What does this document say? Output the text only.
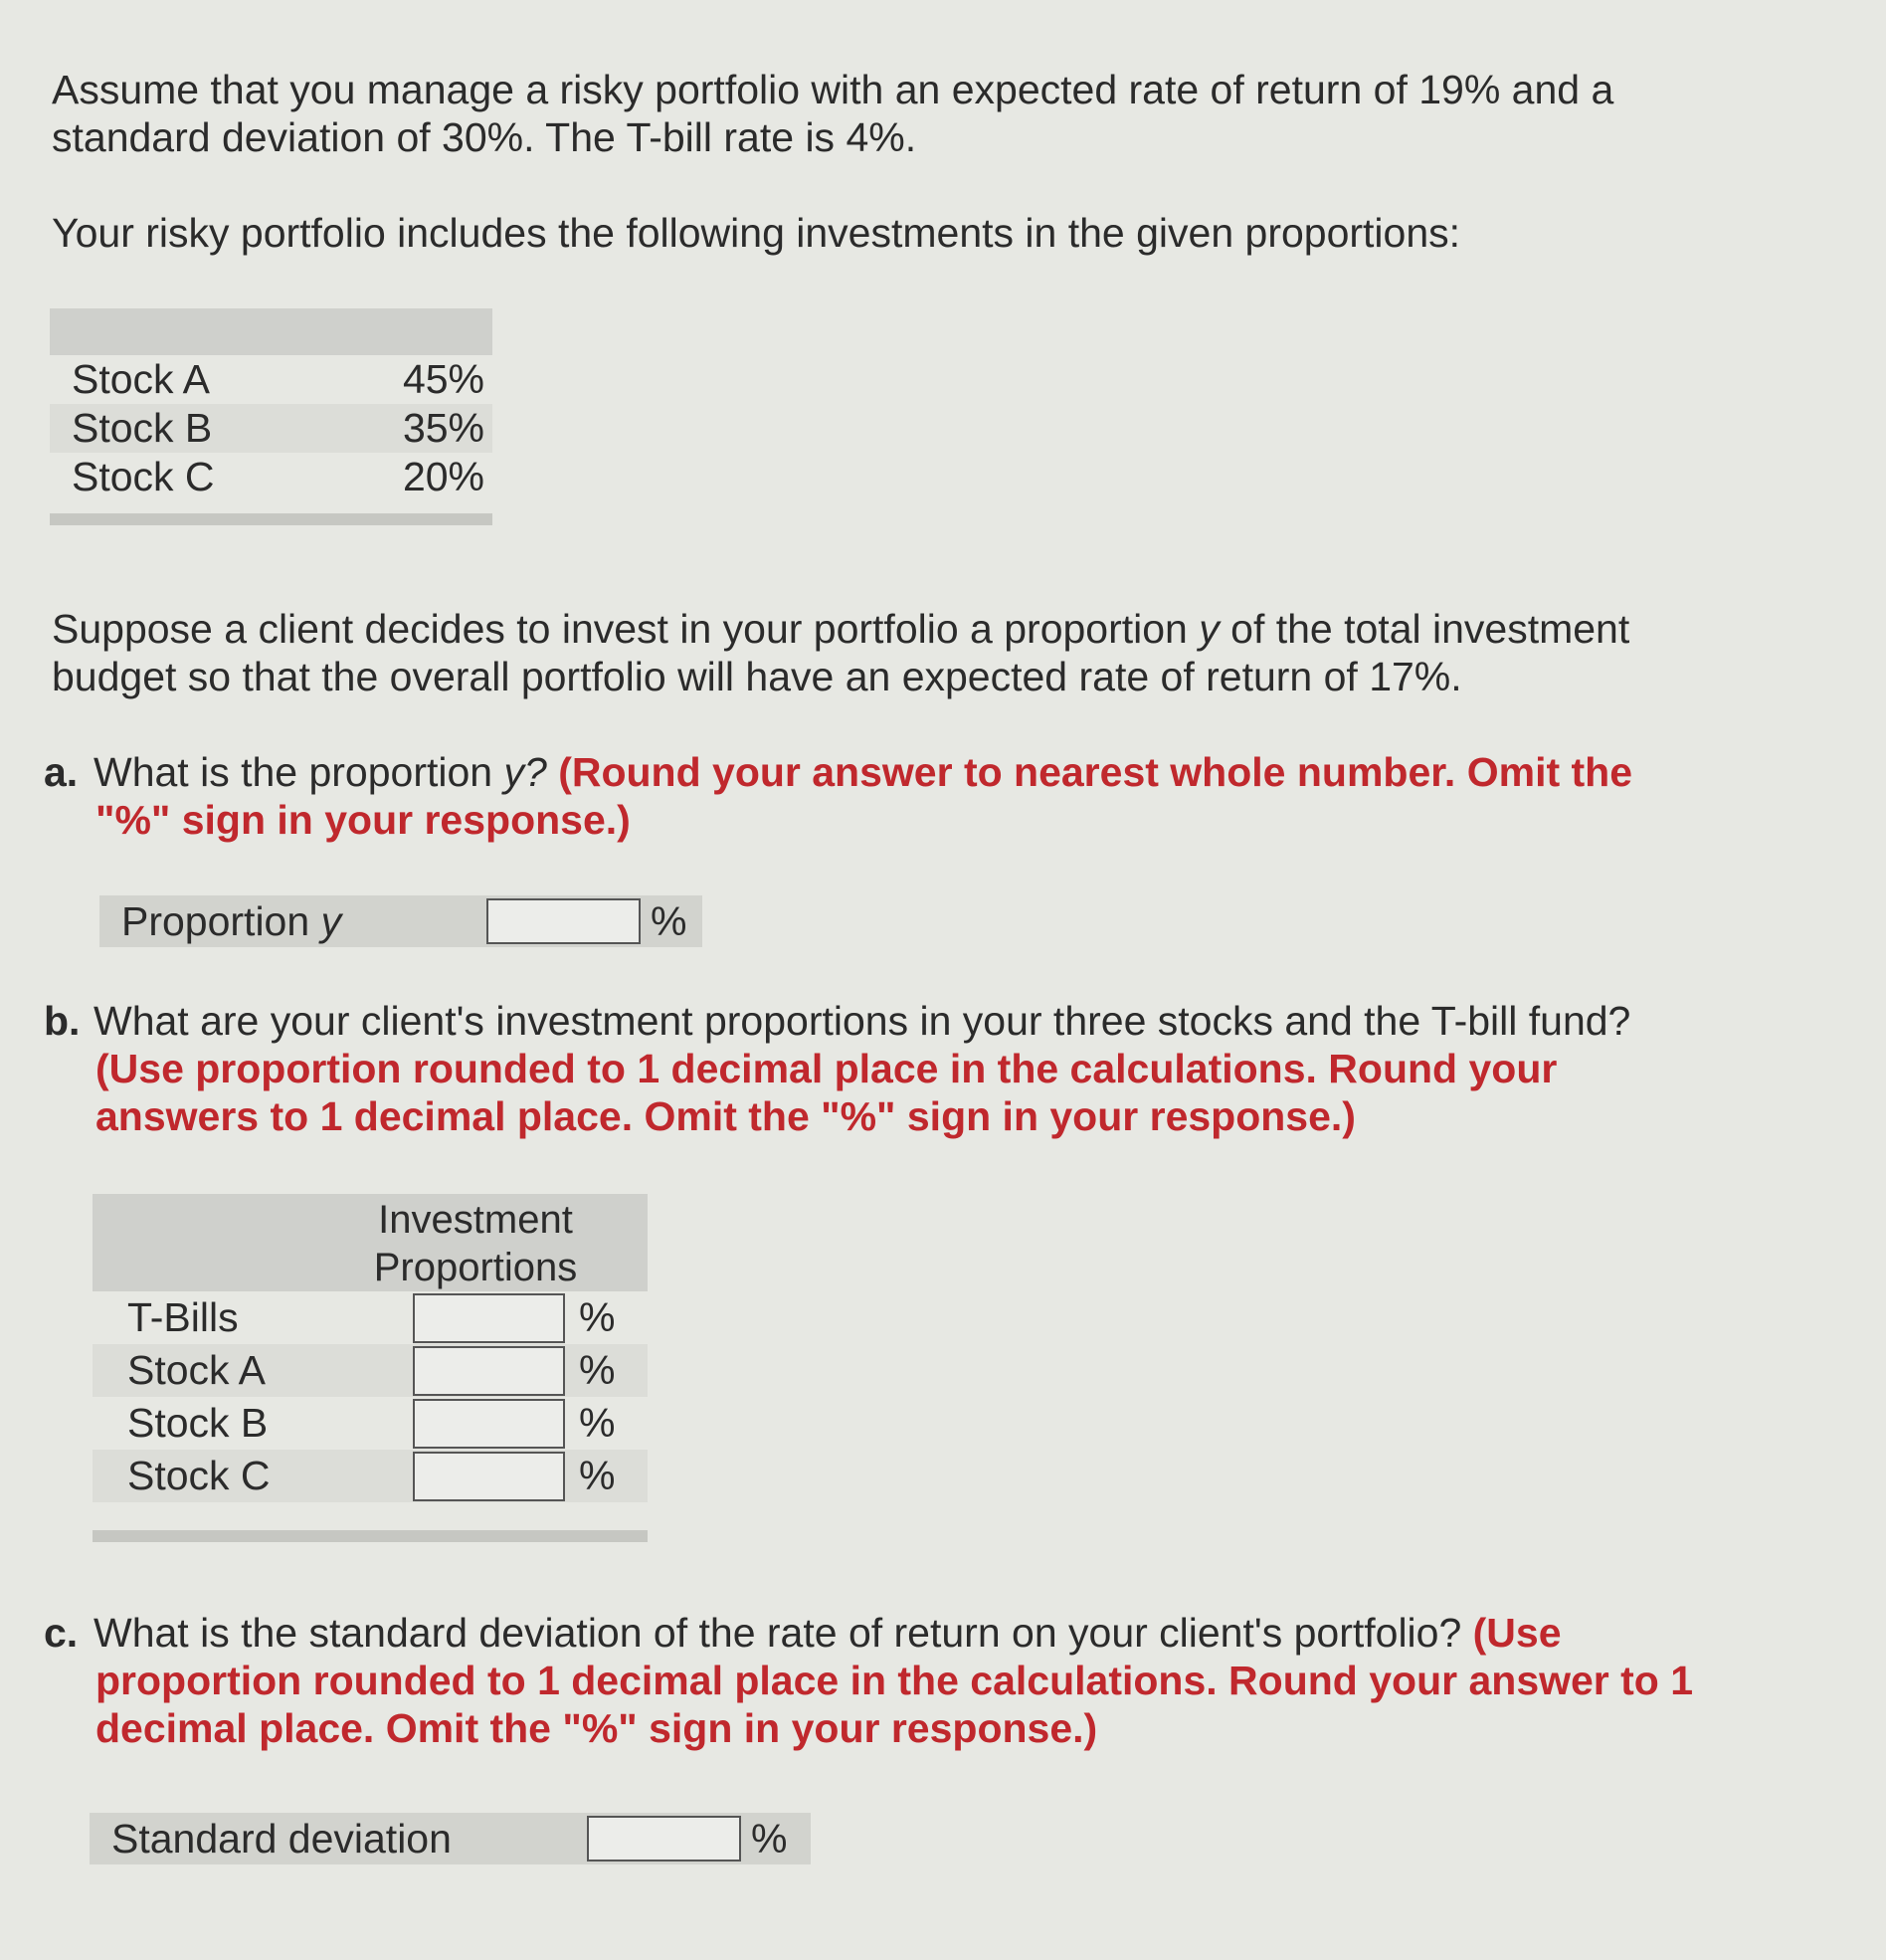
Assume that you manage a risky portfolio with an expected rate of return of 19% and a

standard deviation of 30%. The T-bill rate is 4%.

Your risky portfolio includes the following investments in the given proportions:

Stock A	45%
Stock B	35%
Stock C	20%

Suppose a client decides to invest in your portfolio a proportion y of the total investment

budget so that the overall portfolio will have an expected rate of return of 17%.

a. What is the proportion y? (Round your answer to nearest whole number. Omit the
"%" sign in your response.)
Proportion y	%
b. What are your client's investment proportions in your three stocks and the T-bill fund?
(Use proportion rounded to 1 decimal place in the calculations. Round your
answers to 1 decimal place. Omit the "%" sign in your response.)
Investment
Proportions
T-Bills	%
Stock A	%
Stock B	%
Stock C	%
c. What is the standard deviation of the rate of return on your client's portfolio? (Use
proportion rounded to 1 decimal place in the calculations. Round your answer to 1
decimal place. Omit the "%" sign in your response.)
Standard deviation	%
